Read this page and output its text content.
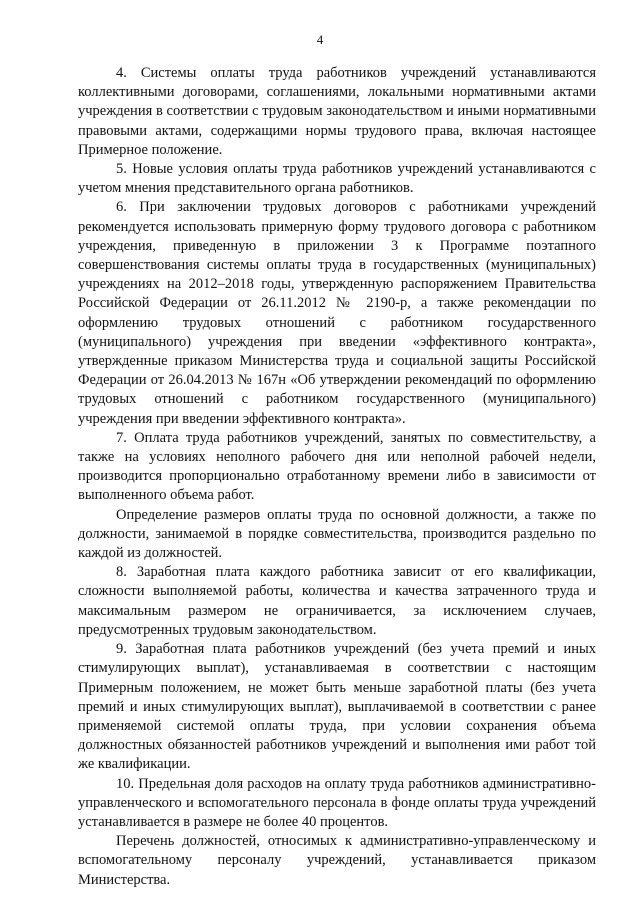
4

4. Системы оплаты труда работников учреждений устанавливаются коллективными договорами, соглашениями, локальными нормативными актами учреждения в соответствии с трудовым законодательством и иными нормативными правовыми актами, содержащими нормы трудового права, включая настоящее Примерное положение.

5. Новые условия оплаты труда работников учреждений устанавливаются с учетом мнения представительного органа работников.

6. При заключении трудовых договоров с работниками учреждений рекомендуется использовать примерную форму трудового договора с работником учреждения, приведенную в приложении 3 к Программе поэтапного совершенствования системы оплаты труда в государственных (муниципальных) учреждениях на 2012–2018 годы, утвержденную распоряжением Правительства Российской Федерации от 26.11.2012 № 2190-р, а также рекомендации по оформлению трудовых отношений с работником государственного (муниципального) учреждения при введении «эффективного контракта», утвержденные приказом Министерства труда и социальной защиты Российской Федерации от 26.04.2013 № 167н «Об утверждении рекомендаций по оформлению трудовых отношений с работником государственного (муниципального) учреждения при введении эффективного контракта».

7. Оплата труда работников учреждений, занятых по совместительству, а также на условиях неполного рабочего дня или неполной рабочей недели, производится пропорционально отработанному времени либо в зависимости от выполненного объема работ.

Определение размеров оплаты труда по основной должности, а также по должности, занимаемой в порядке совместительства, производится раздельно по каждой из должностей.

8. Заработная плата каждого работника зависит от его квалификации, сложности выполняемой работы, количества и качества затраченного труда и максимальным размером не ограничивается, за исключением случаев, предусмотренных трудовым законодательством.

9. Заработная плата работников учреждений (без учета премий и иных стимулирующих выплат), устанавливаемая в соответствии с настоящим Примерным положением, не может быть меньше заработной платы (без учета премий и иных стимулирующих выплат), выплачиваемой в соответствии с ранее применяемой системой оплаты труда, при условии сохранения объема должностных обязанностей работников учреждений и выполнения ими работ той же квалификации.

10. Предельная доля расходов на оплату труда работников административно-управленческого и вспомогательного персонала в фонде оплаты труда учреждений устанавливается в размере не более 40 процентов.

Перечень должностей, относимых к административно-управленческому и вспомогательному персоналу учреждений, устанавливается приказом Министерства.
